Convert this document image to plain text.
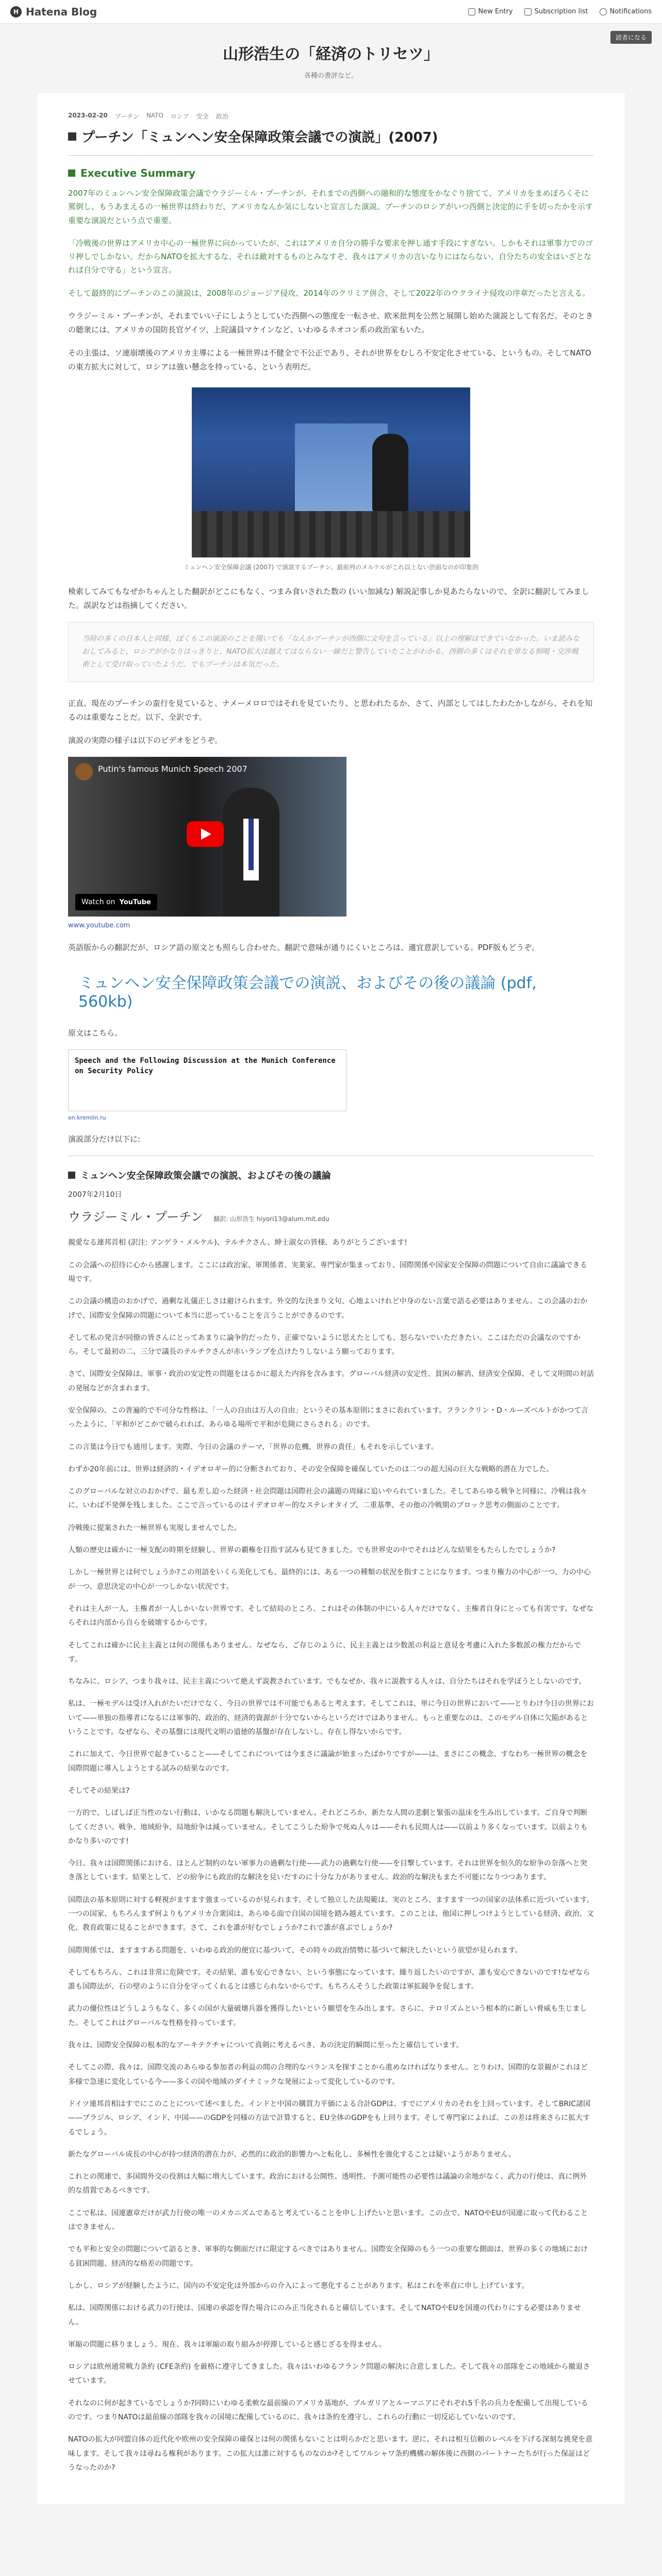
H Hatena Blog	New Entry	Subscription list	Notifications
読者になる
山形浩生の「経済のトリセツ」
各種の書評など。
2023-02-20 プーチン NATO ロシア 安全 政治
プーチン「ミュンヘン安全保障政策会議での演説」(2007)
Executive Summary

2007年のミュンヘン安全保障政策会議でウラジーミル・プーチンが、それまでの西側への融和的な態度をかなぐり捨てて、アメリカをまめぼろくそに罵倒し、もうあまえるの一極世界は終わりだ、アメリカなんか気にしないと宣言した演説。プーチンのロシアがいつ西側と決定的に手を切ったかを示す重要な演説だという点で重要。

「冷戦後の世界はアメリカ中心の一極世界に向かっていたが、これはアメリカ自分の勝手な要求を押し通す手段にすぎない。しかもそれは軍事力でのゴリ押しでしかない。だからNATOを拡大するな、それは敵対するものとみなすぞ、我々はアメリカの言いなりにはならない、自分たちの安全はいざとなれば自分で守る」という宣言。

そして最終的にプーチンのこの演説は、2008年のジョージア侵攻、2014年のクリミア併合、そして2022年のウクライナ侵攻の序章だったと言える。

ウラジーミル・プーチンが、それまでいい子にしようとしていた西側への態度を一転させ、欧米批判を公然と展開し始めた演説として有名だ。そのときの聴衆には、アメリカの国防長官ゲイツ、上院議員マケインなど、いわゆるネオコン系の政治家もいた。

その主張は、ソ連崩壊後のアメリカ主導による一極世界は不健全で不公正であり、それが世界をむしろ不安定化させている、というもの。そしてNATOの東方拡大に対して、ロシアは強い懸念を持っている、という表明だ。

ミュンヘン安全保障会議 (2007) で演説するプーチン。最前列のメルケルがこれ以上ない渋面なのが印象的

検索してみてもなぜかちゃんとした翻訳がどこにもなく、つまみ食いされた数の (いい加減な) 解説記事しか見あたらないので、全訳に翻訳してみました。誤訳などは指摘してください。

当時の多くの日本人と同様、ぼくもこの演説のことを聞いても「なんかプーチンが西側に文句を言っている」以上の理解はできていなかった。いま読みなおしてみると、ロシアがかなりはっきりと、NATO拡大は越えてはならない一線だと警告していたことがわかる。西側の多くはそれを単なる恫喝・交渉戦術として受け取っていたようだ。でもプーチンは本気だった。

正直、現在のプーチンの蛮行を見ていると、ナメーメロロではそれを見ていたり、と思われたるか、さて、内部としてはしたわたかしながら、それを知るのは重要なことだ。以下、全訳です。

演説の実際の様子は以下のビデオをどうぞ。

Putin's famous Munich Speech 2007
Watch on YouTube
www.youtube.com

英語版からの翻訳だが、ロシア語の原文とも照らし合わせた。翻訳で意味が通りにくいところは、適宜意訳している。PDF版もどうぞ。

ミュンヘン安全保障政策会議での演説、およびその後の議論 (pdf, 560kb)

原文はこちら。

Speech and the Following Discussion at the Munich Conference on Security Policy
en.kremlin.ru

演説部分だけ以下に:

ミュンヘン安全保障政策会議での演説、およびその後の議論
2007年2月10日
ウラジーミル・プーチン 翻訳: 山形浩生 hiyori13@alum.mit.edu

親愛なる連邦首相 (訳注: アンゲラ・メルケル)、テルチクさん、紳士淑女の皆様、ありがとうございます!

この会議への招待に心から感謝します。ここには政治家、軍関係者、実業家、専門家が集まっており、国際関係や国家安全保障の問題について自由に議論できる場です。

この会議の構造のおかげで、過剰な礼儀正しさは避けられます。外交的な決まり文句、心地よいけれど中身のない言葉で語る必要はありません。この会議のおかげで、国際安全保障の問題について本当に思っていることを言うことができるのです。

そして私の発言が同僚の皆さんにとってあまりに論争的だったり、正確でないように思えたとしても、怒らないでいただきたい。ここはただの会議なのですから。そして最初の二、三分で議長のテルチクさんが赤いランプを点けたりしないよう願っております。

さて、国際安全保障は、軍事・政治の安定性の問題をはるかに超えた内容を含みます。グローバル経済の安定性、貧困の解消、経済安全保障、そして文明間の対話の発展などが含まれます。

安全保障の、この普遍的で不可分な性格は、「一人の自由は万人の自由」というその基本原則にまさに表れています。フランクリン・D・ルーズベルトがかつて言ったように、「平和がどこかで破られれば、あらゆる場所で平和が危険にさらされる」のです。

この言葉は今日でも通用します。実際、今日の会議のテーマ、「世界の危機、世界の責任」もそれを示しています。

わずか20年前には、世界は経済的・イデオロギー的に分断されており、その安全保障を確保していたのは二つの超大国の巨大な戦略的潜在力でした。

このグローバルな対立のおかげで、最も差し迫った経済・社会問題は国際社会の議題の周縁に追いやられていました。そしてあらゆる戦争と同様に、冷戦は我々に、いわば不発弾を残しました。ここで言っているのはイデオロギー的なステレオタイプ、二重基準、その他の冷戦期のブロック思考の側面のことです。

冷戦後に提案された一極世界も実現しませんでした。

人類の歴史は確かに一極支配の時期を経験し、世界の覇権を目指す試みも見てきました。でも世界史の中でそれはどんな結果をもたらしたでしょうか?

しかし一極世界とは何でしょうか?この用語をいくら美化しても、最終的には、ある一つの種類の状況を指すことになります。つまり権力の中心が一つ、力の中心が一つ、意思決定の中心が一つしかない状況です。

それは主人が一人、主権者が一人しかいない世界です。そして結局のところ、これはその体制の中にいる人々だけでなく、主権者自身にとっても有害です。なぜならそれは内部から自らを破壊するからです。

そしてこれは確かに民主主義とは何の関係もありません。なぜなら、ご存じのように、民主主義とは少数派の利益と意見を考慮に入れた多数派の権力だからです。

ちなみに、ロシア、つまり我々は、民主主義について絶えず説教されています。でもなぜか、我々に説教する人々は、自分たちはそれを学ぼうとしないのです。

私は、一極モデルは受け入れがたいだけでなく、今日の世界では不可能でもあると考えます。そしてこれは、単に今日の世界において——とりわけ今日の世界において——単独の指導者になるには軍事的、政治的、経済的資源が十分でないからというだけではありません。もっと重要なのは、このモデル自体に欠陥があるということです。なぜなら、その基盤には現代文明の道徳的基盤が存在しないし、存在し得ないからです。

これに加えて、今日世界で起きていること——そしてこれについては今まさに議論が始まったばかりですが——は、まさにこの概念、すなわち一極世界の概念を国際問題に導入しようとする試みの結果なのです。

そしてその結果は?

一方的で、しばしば正当性のない行動は、いかなる問題も解決していません。それどころか、新たな人間の悲劇と緊張の温床を生み出しています。ご自身で判断してください。戦争、地域紛争、局地紛争は減っていません。そしてこうした紛争で死ぬ人々は——それも民間人は——以前より多くなっています。以前よりもかなり多いのです!

今日、我々は国際関係における、ほとんど制約のない軍事力の過剰な行使——武力の過剰な行使——を目撃しています。それは世界を恒久的な紛争の奈落へと突き落としています。結果として、どの紛争にも政治的な解決を見いだすのに十分な力がありません。政治的な解決もまた不可能になりつつあります。

国際法の基本原則に対する軽視がますます強まっているのが見られます。そして独立した法規範は、実のところ、ますます一つの国家の法体系に近づいています。一つの国家、もちろんまず何よりもアメリカ合衆国は、あらゆる面で自国の国境を踏み越えています。このことは、他国に押しつけようとしている経済、政治、文化、教育政策に見ることができます。さて、これを誰が好むでしょうか?これで誰が喜ぶでしょうか?

国際関係では、ますますある問題を、いわゆる政治的便宜に基づいて、その時々の政治情勢に基づいて解決したいという欲望が見られます。

そしてもちろん、これは非常に危険です。その結果、誰も安心できない、という事態になっています。繰り返したいのですが、誰も安心できないのです!なぜなら誰も国際法が、石の壁のように自分を守ってくれるとは感じられないからです。もちろんそうした政策は軍拡競争を促します。

武力の優位性はどうしようもなく、多くの国が大量破壊兵器を獲得したいという願望を生み出します。さらに、テロリズムという根本的に新しい脅威も生じました。そしてこれはグローバルな性格を持っています。

我々は、国際安全保障の根本的なアーキテクチャについて真剣に考えるべき、あの決定的瞬間に至ったと確信しています。

そしてこの際、我々は、国際交流のあらゆる参加者の利益の間の合理的なバランスを探すことから進めなければなりません。とりわけ、国際的な景観がこれほど多様で急速に変化している今——多くの国や地域のダイナミックな発展によって変化しているのです。

ドイツ連邦首相はすでにこのことについて述べました。インドと中国の購買力平価による合計GDPは、すでにアメリカのそれを上回っています。そしてBRIC諸国——ブラジル、ロシア、インド、中国——のGDPを同様の方法で計算すると、EU全体のGDPをも上回ります。そして専門家によれば、この差は将来さらに拡大するでしょう。

新たなグローバル成長の中心が持つ経済的潜在力が、必然的に政治的影響力へと転化し、多極性を強化することは疑いようがありません。

これとの関連で、多国間外交の役割は大幅に増大しています。政治における公開性、透明性、予測可能性の必要性は議論の余地がなく、武力の行使は、真に例外的な措置であるべきです。

ここで私は、国連憲章だけが武力行使の唯一のメカニズムであると考えていることを申し上げたいと思います。この点で、NATOやEUが国連に取って代わることはできません。

でも平和と安全の問題について語るとき、軍事的な側面だけに限定するべきではありません。国際安全保障のもう一つの重要な側面は、世界の多くの地域における貧困問題、経済的な格差の問題です。

しかし、ロシアが経験したように、国内の不安定化は外部からの介入によって悪化することがあります。私はこれを率直に申し上げています。

私は、国際関係における武力の行使は、国連の承認を得た場合にのみ正当化されると確信しています。そしてNATOやEUを国連の代わりにする必要はありません。

軍縮の問題に移りましょう。現在、我々は軍縮の取り組みが停滞していると感じざるを得ません。

ロシアは欧州通常戦力条約 (CFE条約) を厳格に遵守してきました。我々はいわゆるフランク問題の解決に合意しました。そして我々の部隊をこの地域から撤退させています。

それなのに何が起きているでしょうか?同時にいわゆる柔軟な最前線のアメリカ基地が、ブルガリアとルーマニアにそれぞれ5千名の兵力を配備して出現しているのです。つまりNATOは最前線の部隊を我々の国境に配備しているのに、我々は条約を遵守し、これらの行動に一切反応していないのです。

NATOの拡大が同盟自体の近代化や欧州の安全保障の確保とは何の関係もないことは明らかだと思います。逆に、それは相互信頼のレベルを下げる深刻な挑発を意味します。そして我々は尋ねる権利があります。この拡大は誰に対するものなのか?そしてワルシャワ条約機構の解体後に西側のパートナーたちが行った保証はどうなったのか?
